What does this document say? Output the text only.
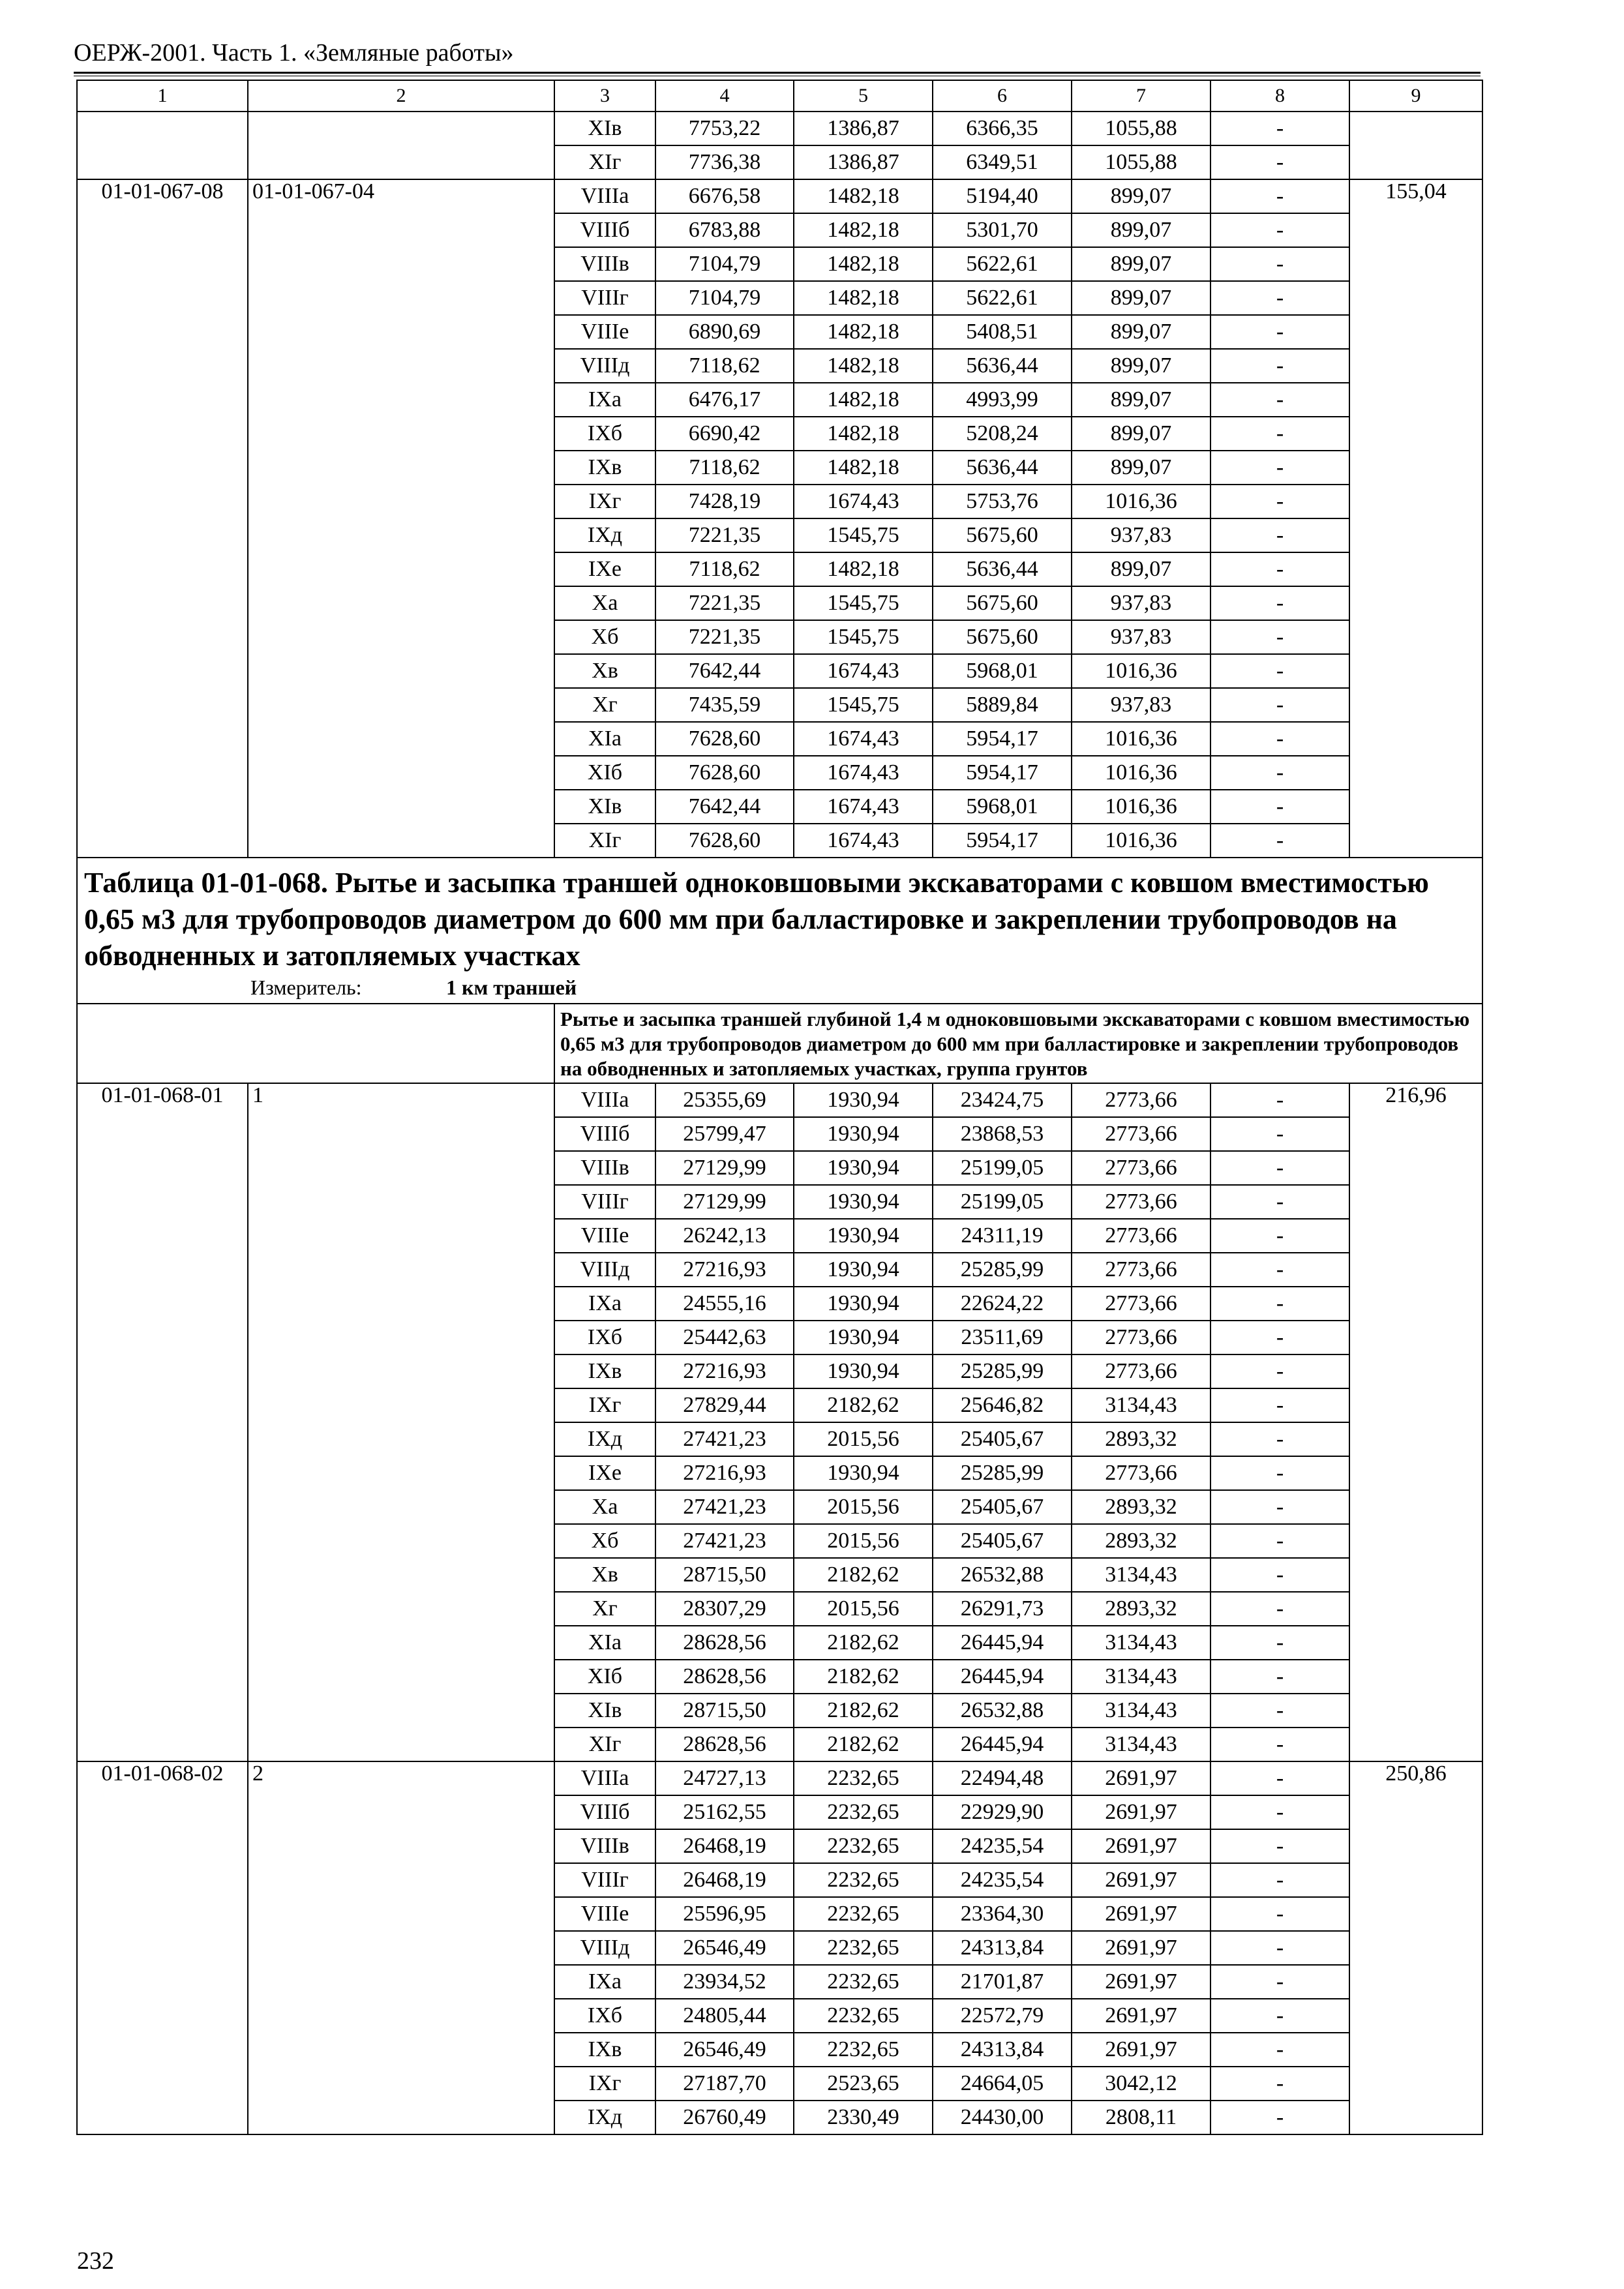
ОЕРЖ-2001. Часть 1. «Земляные работы»
1	2	3	4	5	6	7	8	9
		ХIв	7753,22	1386,87	6366,35	1055,88	-	
		ХIг	7736,38	1386,87	6349,51	1055,88	-	
01-01-067-08	01-01-067-04	VIIIа	6676,58	1482,18	5194,40	899,07	-	155,04
		VIIIб	6783,88	1482,18	5301,70	899,07	-	
		VIIIв	7104,79	1482,18	5622,61	899,07	-	
		VIIIг	7104,79	1482,18	5622,61	899,07	-	
		VIIIе	6890,69	1482,18	5408,51	899,07	-	
		VIIIд	7118,62	1482,18	5636,44	899,07	-	
		IХа	6476,17	1482,18	4993,99	899,07	-	
		IХб	6690,42	1482,18	5208,24	899,07	-	
		IХв	7118,62	1482,18	5636,44	899,07	-	
		IХг	7428,19	1674,43	5753,76	1016,36	-	
		IХд	7221,35	1545,75	5675,60	937,83	-	
		IХе	7118,62	1482,18	5636,44	899,07	-	
		Ха	7221,35	1545,75	5675,60	937,83	-	
		Хб	7221,35	1545,75	5675,60	937,83	-	
		Хв	7642,44	1674,43	5968,01	1016,36	-	
		Хг	7435,59	1545,75	5889,84	937,83	-	
		ХIа	7628,60	1674,43	5954,17	1016,36	-	
		ХIб	7628,60	1674,43	5954,17	1016,36	-	
		ХIв	7642,44	1674,43	5968,01	1016,36	-	
		ХIг	7628,60	1674,43	5954,17	1016,36	-	

Таблица 01-01-068. Рытье и засыпка траншей одноковшовыми экскаваторами с ковшом вместимостью 0,65 м3 для трубопроводов диаметром до 600 мм при балластировке и закреплении трубопроводов на обводненных и затопляемых участках
Измеритель: 1 км траншей								

		Рытье и засыпка траншей глубиной 1,4 м одноковшовыми экскаваторами с ковшом вместимостью 0,65 м3 для трубопроводов диаметром до 600 мм при балластировке и закреплении трубопроводов на обводненных и затопляемых участках, группа грунтов						
01-01-068-01	1	VIIIа	25355,69	1930,94	23424,75	2773,66	-	216,96
		VIIIб	25799,47	1930,94	23868,53	2773,66	-	
		VIIIв	27129,99	1930,94	25199,05	2773,66	-	
		VIIIг	27129,99	1930,94	25199,05	2773,66	-	
		VIIIе	26242,13	1930,94	24311,19	2773,66	-	
		VIIIд	27216,93	1930,94	25285,99	2773,66	-	
		IХа	24555,16	1930,94	22624,22	2773,66	-	
		IХб	25442,63	1930,94	23511,69	2773,66	-	
		IХв	27216,93	1930,94	25285,99	2773,66	-	
		IХг	27829,44	2182,62	25646,82	3134,43	-	
		IХд	27421,23	2015,56	25405,67	2893,32	-	
		IХе	27216,93	1930,94	25285,99	2773,66	-	
		Ха	27421,23	2015,56	25405,67	2893,32	-	
		Хб	27421,23	2015,56	25405,67	2893,32	-	
		Хв	28715,50	2182,62	26532,88	3134,43	-	
		Хг	28307,29	2015,56	26291,73	2893,32	-	
		ХIа	28628,56	2182,62	26445,94	3134,43	-	
		ХIб	28628,56	2182,62	26445,94	3134,43	-	
		ХIв	28715,50	2182,62	26532,88	3134,43	-	
		ХIг	28628,56	2182,62	26445,94	3134,43	-	
01-01-068-02	2	VIIIа	24727,13	2232,65	22494,48	2691,97	-	250,86
		VIIIб	25162,55	2232,65	22929,90	2691,97	-	
		VIIIв	26468,19	2232,65	24235,54	2691,97	-	
		VIIIг	26468,19	2232,65	24235,54	2691,97	-	
		VIIIе	25596,95	2232,65	23364,30	2691,97	-	
		VIIIд	26546,49	2232,65	24313,84	2691,97	-	
		IХа	23934,52	2232,65	21701,87	2691,97	-	
		IХб	24805,44	2232,65	22572,79	2691,97	-	
		IХв	26546,49	2232,65	24313,84	2691,97	-	
		IХг	27187,70	2523,65	24664,05	3042,12	-	
		IХд	26760,49	2330,49	24430,00	2808,11	-	
232
